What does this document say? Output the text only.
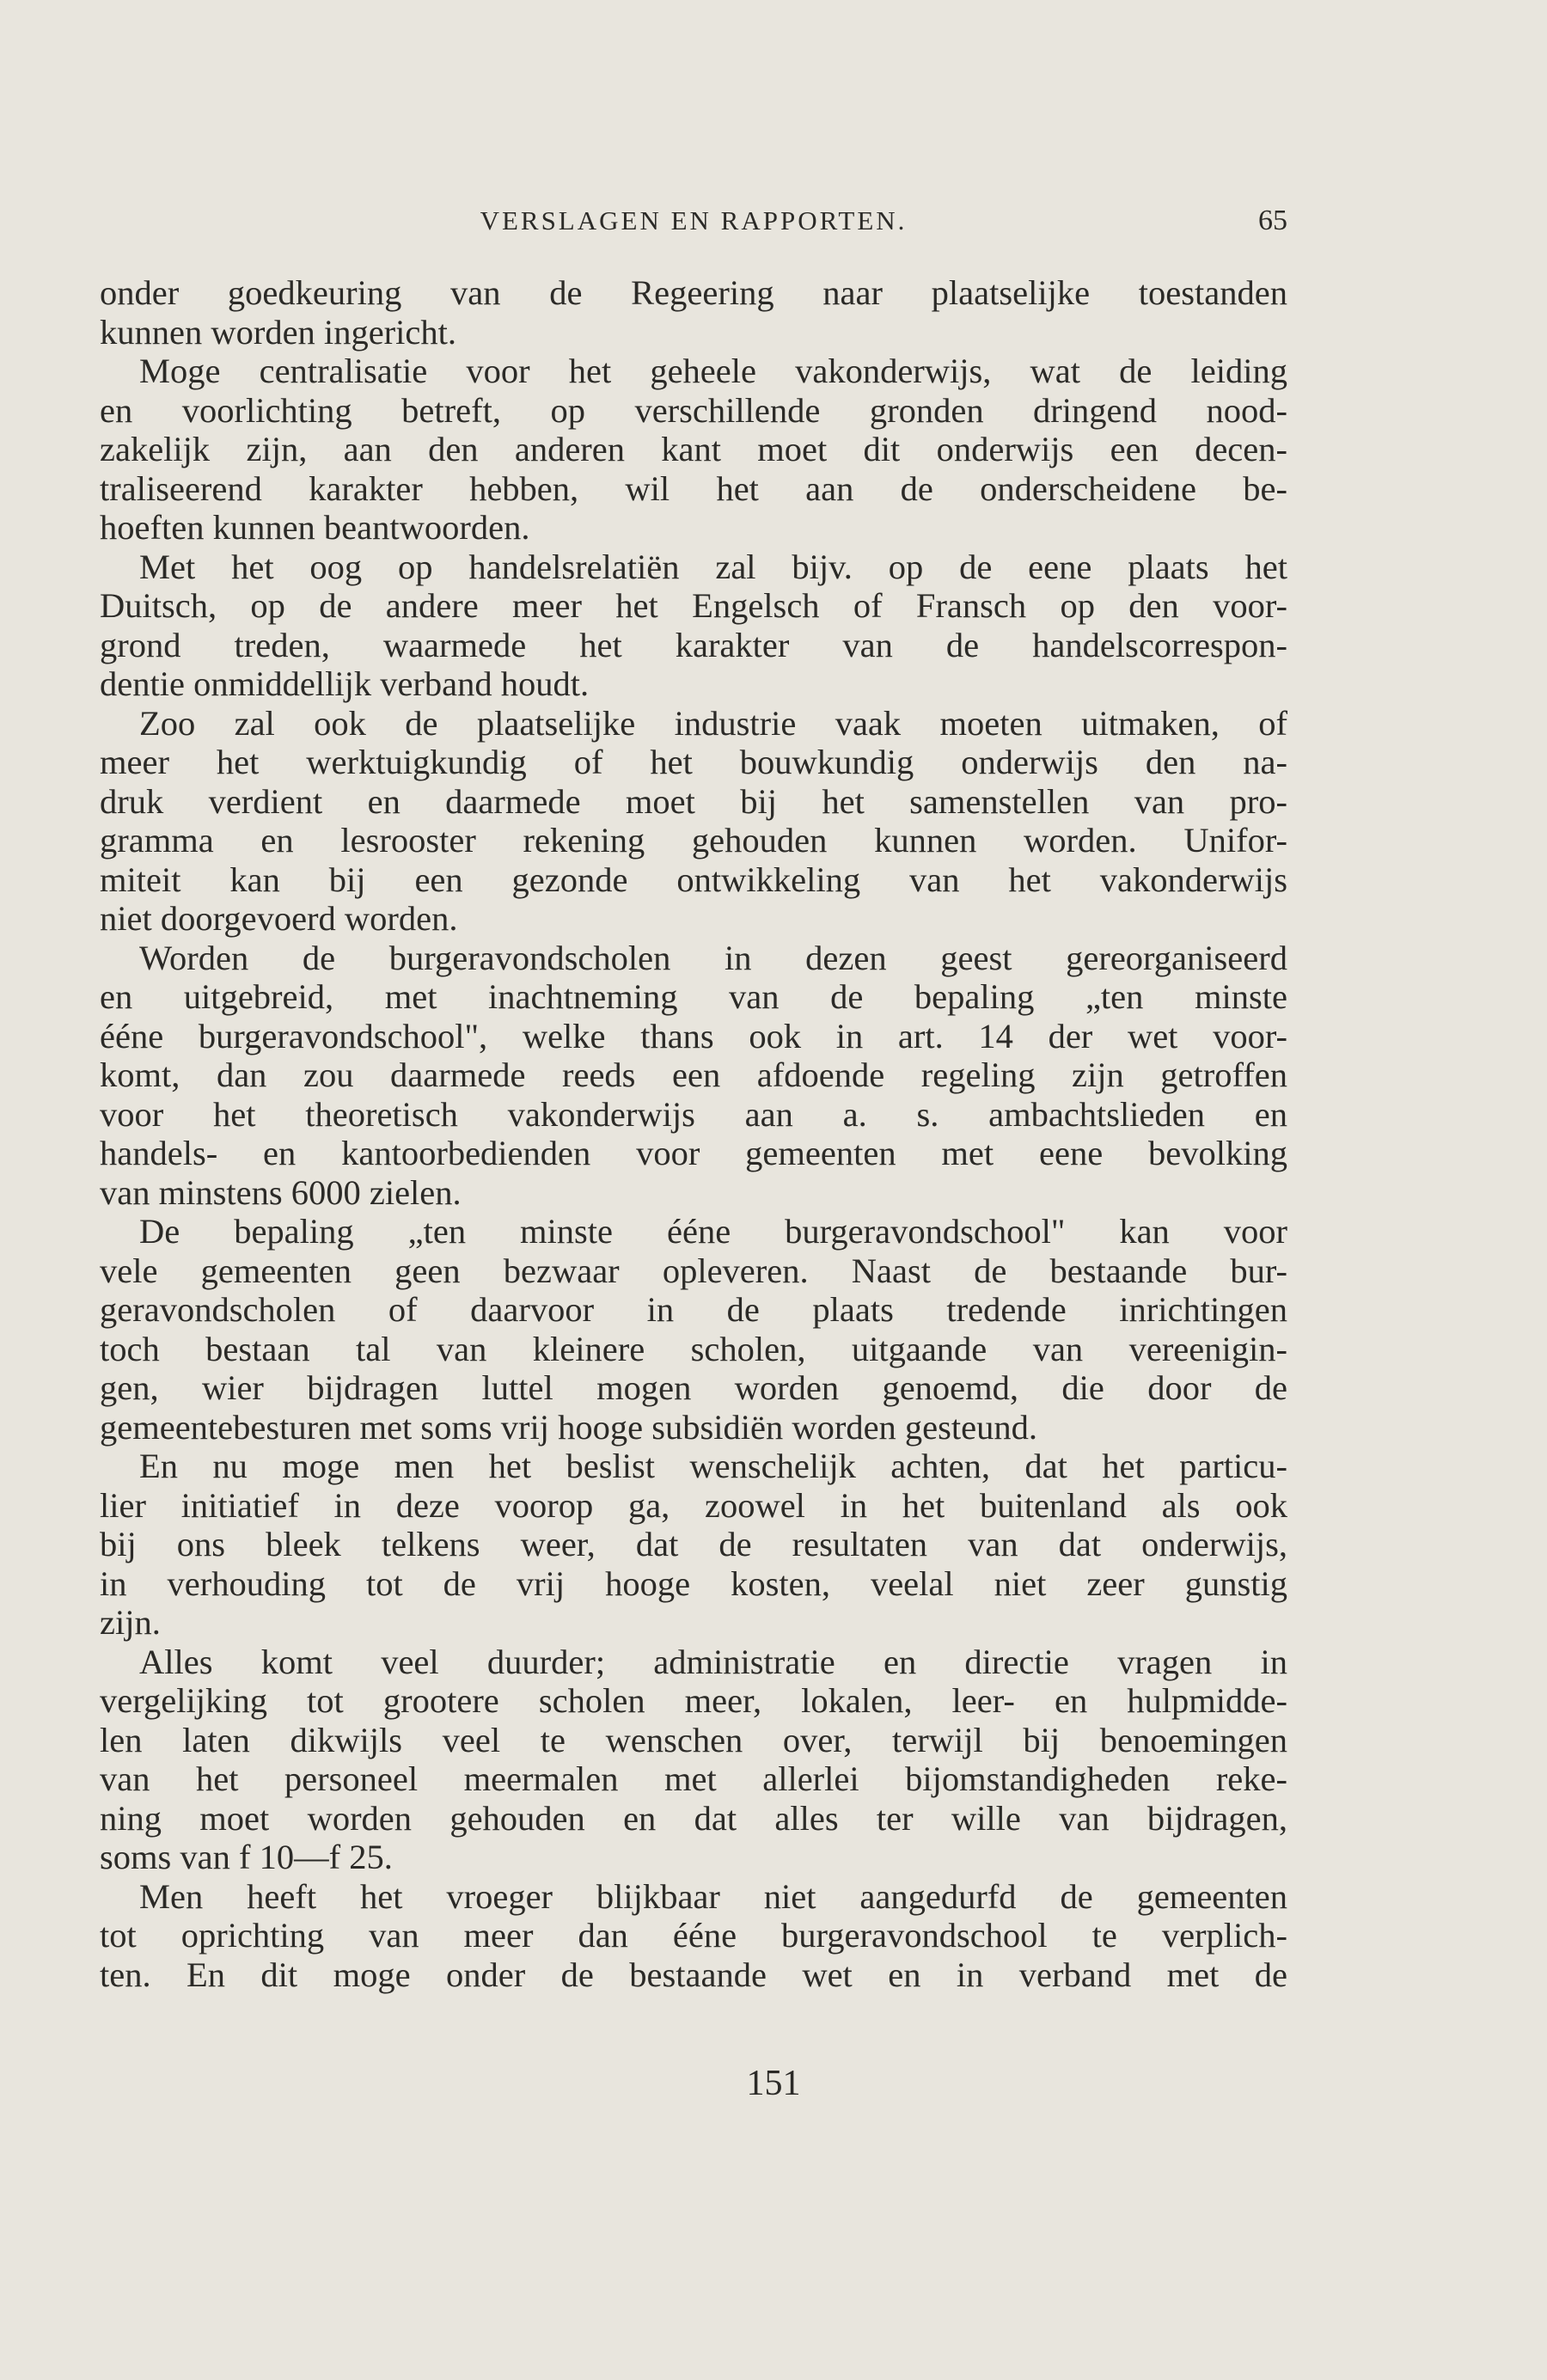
VERSLAGEN EN RAPPORTEN.	65
onder goedkeuring van de Regeering naar plaatselijke toestanden
kunnen worden ingericht.
Moge centralisatie voor het geheele vakonderwijs, wat de leiding
en voorlichting betreft, op verschillende gronden dringend nood-
zakelijk zijn, aan den anderen kant moet dit onderwijs een decen-
traliseerend karakter hebben, wil het aan de onderscheidene be-
hoeften kunnen beantwoorden.
Met het oog op handelsrelatiën zal bijv. op de eene plaats het
Duitsch, op de andere meer het Engelsch of Fransch op den voor-
grond treden, waarmede het karakter van de handelscorrespon-
dentie onmiddellijk verband houdt.
Zoo zal ook de plaatselijke industrie vaak moeten uitmaken, of
meer het werktuigkundig of het bouwkundig onderwijs den na-
druk verdient en daarmede moet bij het samenstellen van pro-
gramma en lesrooster rekening gehouden kunnen worden. Unifor-
miteit kan bij een gezonde ontwikkeling van het vakonderwijs
niet doorgevoerd worden.
Worden de burgeravondscholen in dezen geest gereorganiseerd
en uitgebreid, met inachtneming van de bepaling „ten minste
ééne burgeravondschool", welke thans ook in art. 14 der wet voor-
komt, dan zou daarmede reeds een afdoende regeling zijn getroffen
voor het theoretisch vakonderwijs aan a. s. ambachtslieden en
handels- en kantoorbedienden voor gemeenten met eene bevolking
van minstens 6000 zielen.
De bepaling „ten minste ééne burgeravondschool" kan voor
vele gemeenten geen bezwaar opleveren. Naast de bestaande bur-
geravondscholen of daarvoor in de plaats tredende inrichtingen
toch bestaan tal van kleinere scholen, uitgaande van vereenigin-
gen, wier bijdragen luttel mogen worden genoemd, die door de
gemeentebesturen met soms vrij hooge subsidiën worden gesteund.
En nu moge men het beslist wenschelijk achten, dat het particu-
lier initiatief in deze voorop ga, zoowel in het buitenland als ook
bij ons bleek telkens weer, dat de resultaten van dat onderwijs,
in verhouding tot de vrij hooge kosten, veelal niet zeer gunstig
zijn.
Alles komt veel duurder; administratie en directie vragen in
vergelijking tot grootere scholen meer, lokalen, leer- en hulpmidde-
len laten dikwijls veel te wenschen over, terwijl bij benoemingen
van het personeel meermalen met allerlei bijomstandigheden reke-
ning moet worden gehouden en dat alles ter wille van bijdragen,
soms van f 10—f 25.
Men heeft het vroeger blijkbaar niet aangedurfd de gemeenten
tot oprichting van meer dan ééne burgeravondschool te verplich-
ten. En dit moge onder de bestaande wet en in verband met de
151
